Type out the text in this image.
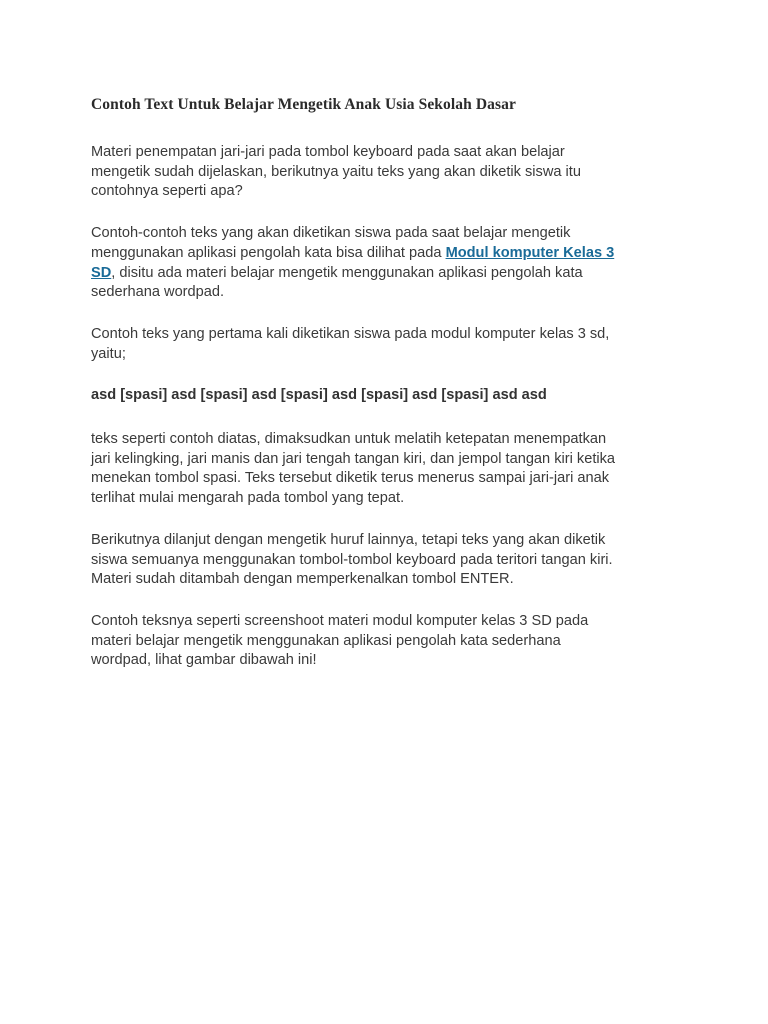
Contoh Text Untuk Belajar Mengetik Anak Usia Sekolah Dasar

Materi penempatan jari-jari pada tombol keyboard pada saat akan belajar
mengetik sudah dijelaskan, berikutnya yaitu teks yang akan diketik siswa itu
contohnya seperti apa?

Contoh-contoh teks yang akan diketikan siswa pada saat belajar mengetik
menggunakan aplikasi pengolah kata bisa dilihat pada Modul komputer Kelas 3
SD, disitu ada materi belajar mengetik menggunakan aplikasi pengolah kata
sederhana wordpad.

Contoh teks yang pertama kali diketikan siswa pada modul komputer kelas 3 sd,
yaitu;

asd [spasi] asd [spasi] asd [spasi] asd [spasi] asd [spasi] asd asd

teks seperti contoh diatas, dimaksudkan untuk melatih ketepatan menempatkan
jari kelingking, jari manis dan jari tengah tangan kiri, dan jempol tangan kiri ketika
menekan tombol spasi. Teks tersebut diketik terus menerus sampai jari-jari anak
terlihat mulai mengarah pada tombol yang tepat.

Berikutnya dilanjut dengan mengetik huruf lainnya, tetapi teks yang akan diketik
siswa semuanya menggunakan tombol-tombol keyboard pada teritori tangan kiri.
Materi sudah ditambah dengan memperkenalkan tombol ENTER.

Contoh teksnya seperti screenshoot materi modul komputer kelas 3 SD pada
materi belajar mengetik menggunakan aplikasi pengolah kata sederhana
wordpad, lihat gambar dibawah ini!
